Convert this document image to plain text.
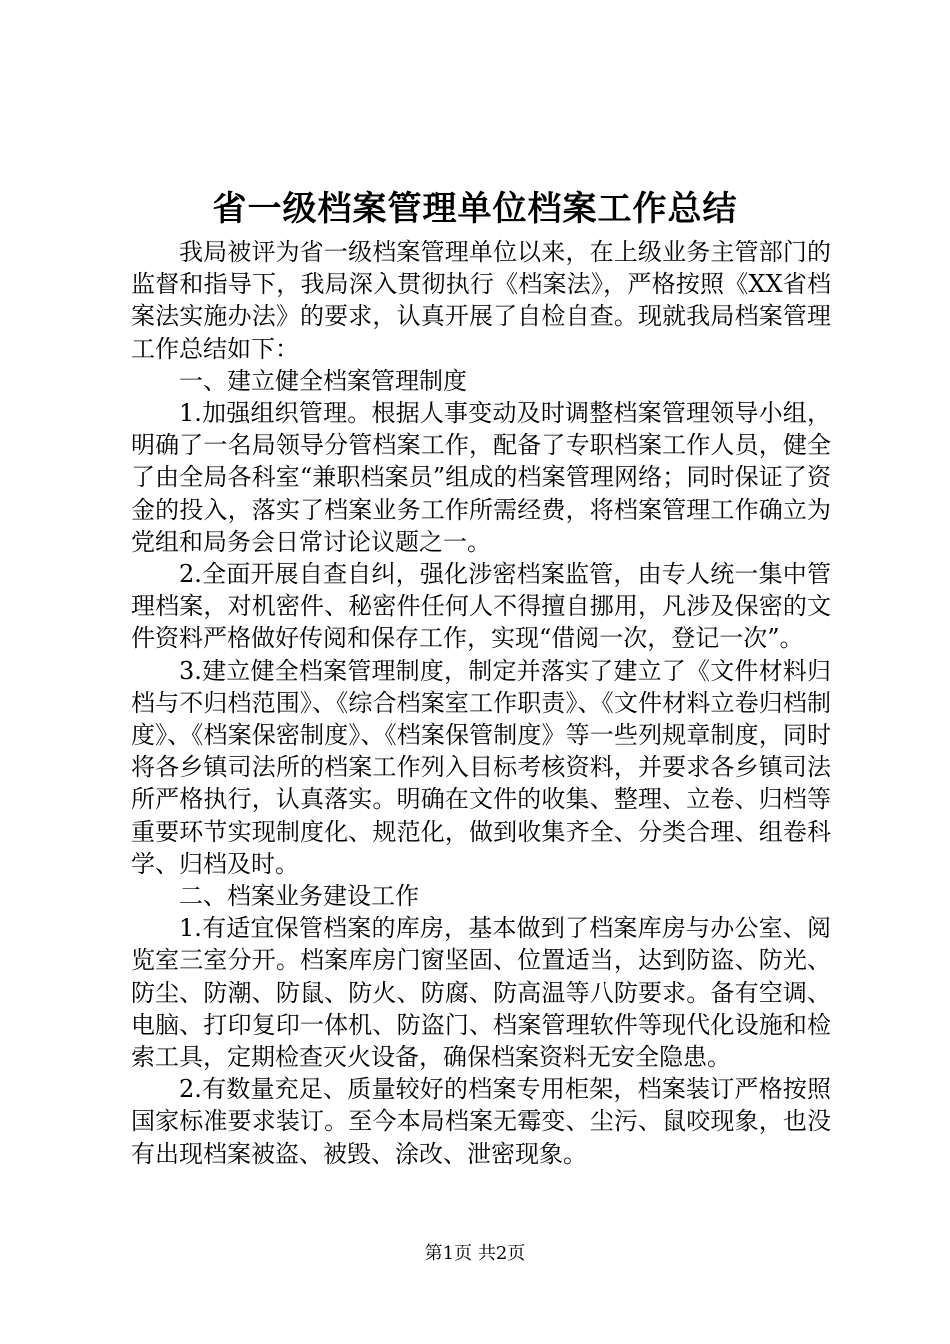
省一级档案管理单位档案工作总结

我局被评为省一级档案管理单位以来，在上级业务主管部门的监督和指导下，我局深入贯彻执行《档案法》，严格按照《XX省档案法实施办法》的要求，认真开展了自检自查。现就我局档案管理工作总结如下：

一、建立健全档案管理制度

1.加强组织管理。根据人事变动及时调整档案管理领导小组，明确了一名局领导分管档案工作，配备了专职档案工作人员，健全了由全局各科室“兼职档案员”组成的档案管理网络；同时保证了资金的投入，落实了档案业务工作所需经费，将档案管理工作确立为党组和局务会日常讨论议题之一。

2.全面开展自查自纠，强化涉密档案监管，由专人统一集中管理档案，对机密件、秘密件任何人不得擅自挪用，凡涉及保密的文件资料严格做好传阅和保存工作，实现“借阅一次，登记一次”。

3.建立健全档案管理制度，制定并落实了建立了《文件材料归档与不归档范围》、《综合档案室工作职责》、《文件材料立卷归档制度》、《档案保密制度》、《档案保管制度》等一些列规章制度，同时将各乡镇司法所的档案工作列入目标考核资料，并要求各乡镇司法所严格执行，认真落实。明确在文件的收集、整理、立卷、归档等重要环节实现制度化、规范化，做到收集齐全、分类合理、组卷科学、归档及时。

二、档案业务建设工作

1.有适宜保管档案的库房，基本做到了档案库房与办公室、阅览室三室分开。档案库房门窗坚固、位置适当，达到防盗、防光、防尘、防潮、防鼠、防火、防腐、防高温等八防要求。备有空调、电脑、打印复印一体机、防盗门、档案管理软件等现代化设施和检索工具，定期检查灭火设备，确保档案资料无安全隐患。

2.有数量充足、质量较好的档案专用柜架，档案装订严格按照国家标准要求装订。至今本局档案无霉变、尘污、鼠咬现象，也没有出现档案被盗、被毁、涂改、泄密现象。

第1页 共2页
